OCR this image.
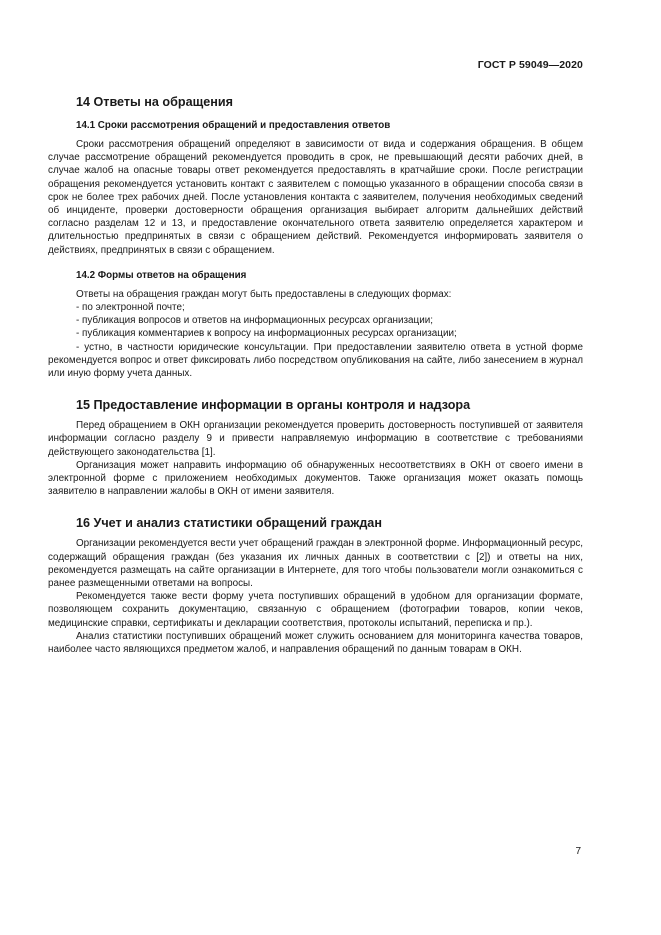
ГОСТ Р 59049—2020
14 Ответы на обращения
14.1 Сроки рассмотрения обращений и предоставления ответов

Сроки рассмотрения обращений определяют в зависимости от вида и содержания обращения. В общем случае рассмотрение обращений рекомендуется проводить в срок, не превышающий десяти рабочих дней, в случае жалоб на опасные товары ответ рекомендуется предоставлять в кратчайшие сроки. После регистрации обращения рекомендуется установить контакт с заявителем с помощью указанного в обращении способа связи в срок не более трех рабочих дней. После установления контакта с заявителем, получения необходимых сведений об инциденте, проверки достоверности обращения организация выбирает алгоритм дальнейших действий согласно разделам 12 и 13, и предоставление окончательного ответа заявителю определяется характером и длительностью предпринятых в связи с обращением действий. Рекомендуется информировать заявителя о действиях, предпринятых в связи с обращением.

14.2 Формы ответов на обращения

Ответы на обращения граждан могут быть предоставлены в следующих формах:

- по электронной почте;

- публикация вопросов и ответов на информационных ресурсах организации;

- публикация комментариев к вопросу на информационных ресурсах организации;

- устно, в частности юридические консультации. При предоставлении заявителю ответа в устной форме рекомендуется вопрос и ответ фиксировать либо посредством опубликования на сайте, либо занесением в журнал или иную форму учета данных.

15 Предоставление информации в органы контроля и надзора

Перед обращением в ОКН организации рекомендуется проверить достоверность поступившей от заявителя информации согласно разделу 9 и привести направляемую информацию в соответствие с требованиями действующего законодательства [1].

Организация может направить информацию об обнаруженных несоответствиях в ОКН от своего имени в электронной форме с приложением необходимых документов. Также организация может оказать помощь заявителю в направлении жалобы в ОКН от имени заявителя.

16 Учет и анализ статистики обращений граждан

Организации рекомендуется вести учет обращений граждан в электронной форме. Информационный ресурс, содержащий обращения граждан (без указания их личных данных в соответствии с [2]) и ответы на них, рекомендуется размещать на сайте организации в Интернете, для того чтобы пользователи могли ознакомиться с ранее размещенными ответами на вопросы.

Рекомендуется также вести форму учета поступивших обращений в удобном для организации формате, позволяющем сохранить документацию, связанную с обращением (фотографии товаров, копии чеков, медицинские справки, сертификаты и декларации соответствия, протоколы испытаний, переписка и пр.).

Анализ статистики поступивших обращений может служить основанием для мониторинга качества товаров, наиболее часто являющихся предметом жалоб, и направления обращений по данным товарам в ОКН.

7
